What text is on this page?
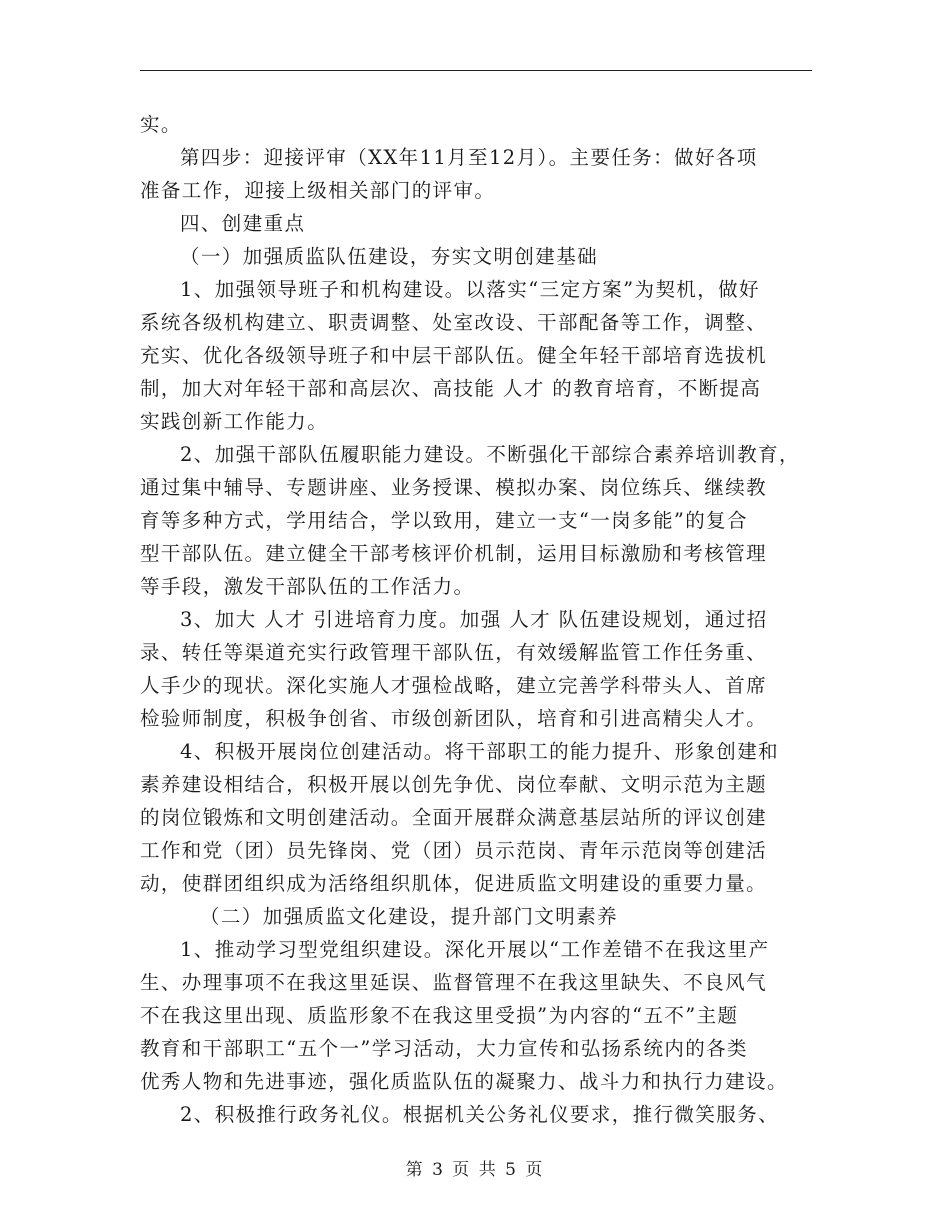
实。
第四步：迎接评审（XX年11月至12月）。主要任务：做好各项
准备工作，迎接上级相关部门的评审。
四、创建重点
（一）加强质监队伍建设，夯实文明创建基础
1、加强领导班子和机构建设。以落实“三定方案”为契机，做好
系统各级机构建立、职责调整、处室改设、干部配备等工作，调整、
充实、优化各级领导班子和中层干部队伍。健全年轻干部培育选拔机
制，加大对年轻干部和高层次、高技能 人才 的教育培育，不断提高
实践创新工作能力。
2、加强干部队伍履职能力建设。不断强化干部综合素养培训教育，
通过集中辅导、专题讲座、业务授课、模拟办案、岗位练兵、继续教
育等多种方式，学用结合，学以致用，建立一支“一岗多能”的复合
型干部队伍。建立健全干部考核评价机制，运用目标激励和考核管理
等手段，激发干部队伍的工作活力。
3、加大 人才 引进培育力度。加强 人才 队伍建设规划，通过招
录、转任等渠道充实行政管理干部队伍，有效缓解监管工作任务重、
人手少的现状。深化实施人才强检战略，建立完善学科带头人、首席
检验师制度，积极争创省、市级创新团队，培育和引进高精尖人才。
4、积极开展岗位创建活动。将干部职工的能力提升、形象创建和
素养建设相结合，积极开展以创先争优、岗位奉献、文明示范为主题
的岗位锻炼和文明创建活动。全面开展群众满意基层站所的评议创建
工作和党（团）员先锋岗、党（团）员示范岗、青年示范岗等创建活
动，使群团组织成为活络组织肌体，促进质监文明建设的重要力量。
（二）加强质监文化建设，提升部门文明素养
1、推动学习型党组织建设。深化开展以“工作差错不在我这里产
生、办理事项不在我这里延误、监督管理不在我这里缺失、不良风气
不在我这里出现、质监形象不在我这里受损”为内容的“五不”主题
教育和干部职工“五个一”学习活动，大力宣传和弘扬系统内的各类
优秀人物和先进事迹，强化质监队伍的凝聚力、战斗力和执行力建设。
2、积极推行政务礼仪。根据机关公务礼仪要求，推行微笑服务、
第 3 页 共 5 页
